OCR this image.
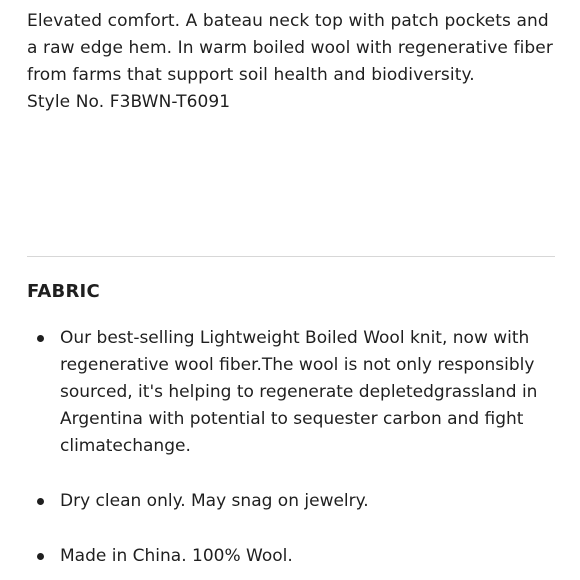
Elevated comfort. A bateau neck top with patch pockets and a raw edge hem. In warm boiled wool with regenerative fiber from farms that support soil health and biodiversity.

Style No. F3BWN-T6091

FABRIC
Our best-selling Lightweight Boiled Wool knit, now with regenerative wool fiber.The wool is not only responsibly sourced, it's helping to regenerate depletedgrassland in Argentina with potential to sequester carbon and fight climatechange.
Dry clean only. May snag on jewelry.
Made in China. 100% Wool.
